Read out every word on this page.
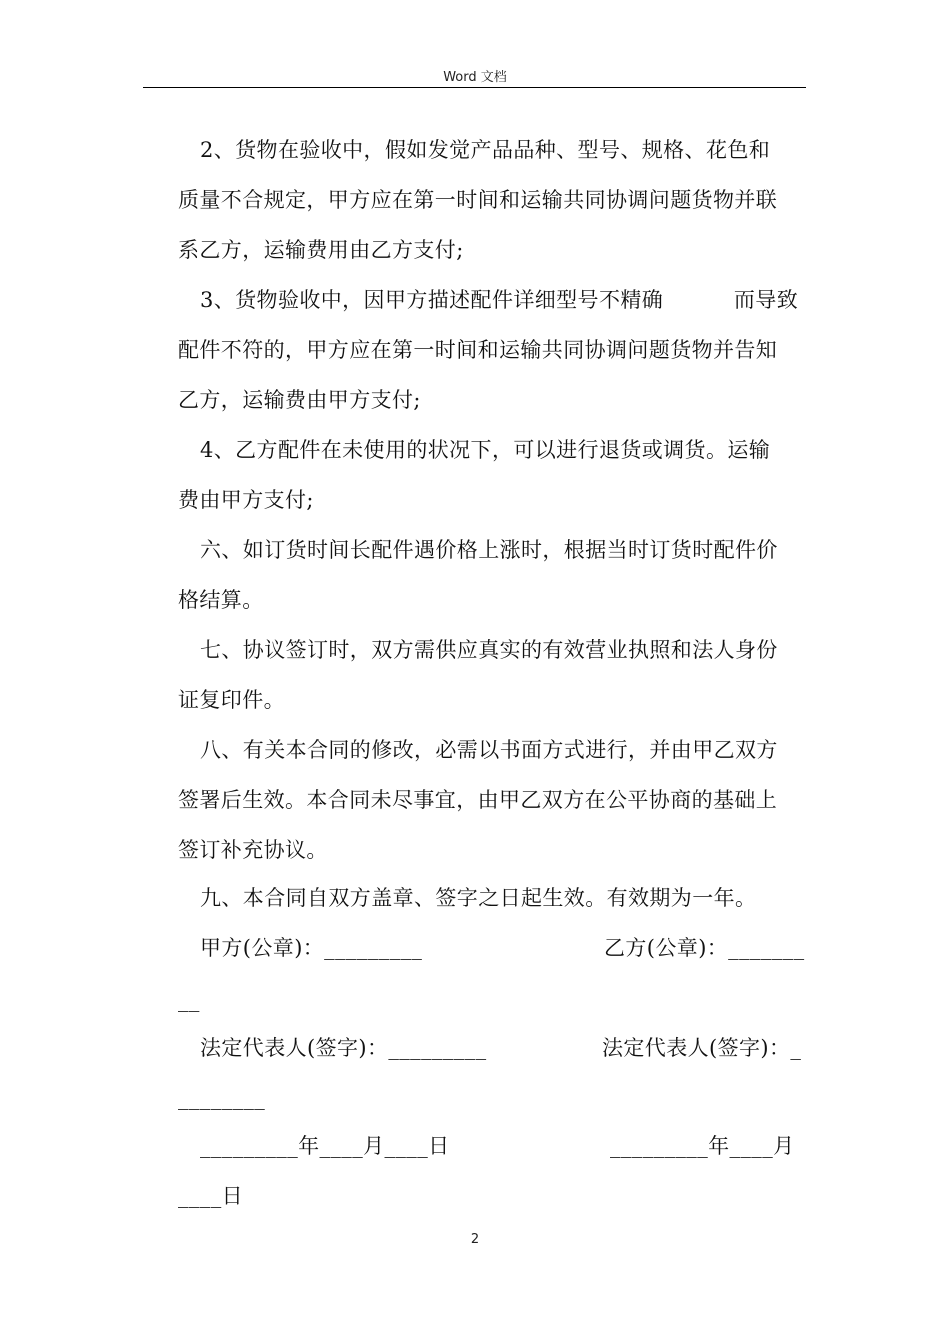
Word 文档
2、货物在验收中，假如发觉产品品种、型号、规格、花色和
质量不合规定，甲方应在第一时间和运输共同协调问题货物并联
系乙方，运输费用由乙方支付;
3、货物验收中，因甲方描述配件详细型号不精确          而导致
配件不符的，甲方应在第一时间和运输共同协调问题货物并告知
乙方，运输费由甲方支付;
4、乙方配件在未使用的状况下，可以进行退货或调货。运输
费由甲方支付;
六、如订货时间长配件遇价格上涨时，根据当时订货时配件价
格结算。
七、协议签订时，双方需供应真实的有效营业执照和法人身份
证复印件。
八、有关本合同的修改，必需以书面方式进行，并由甲乙双方
签署后生效。本合同未尽事宜，由甲乙双方在公平协商的基础上
签订补充协议。
九、本合同自双方盖章、签字之日起生效。有效期为一年。
甲方(公章)：_________	乙方(公章)：_______
__
法定代表人(签字)：_________	法定代表人(签字)：_
________
_________年____月____日	_________年____月
____日
2
